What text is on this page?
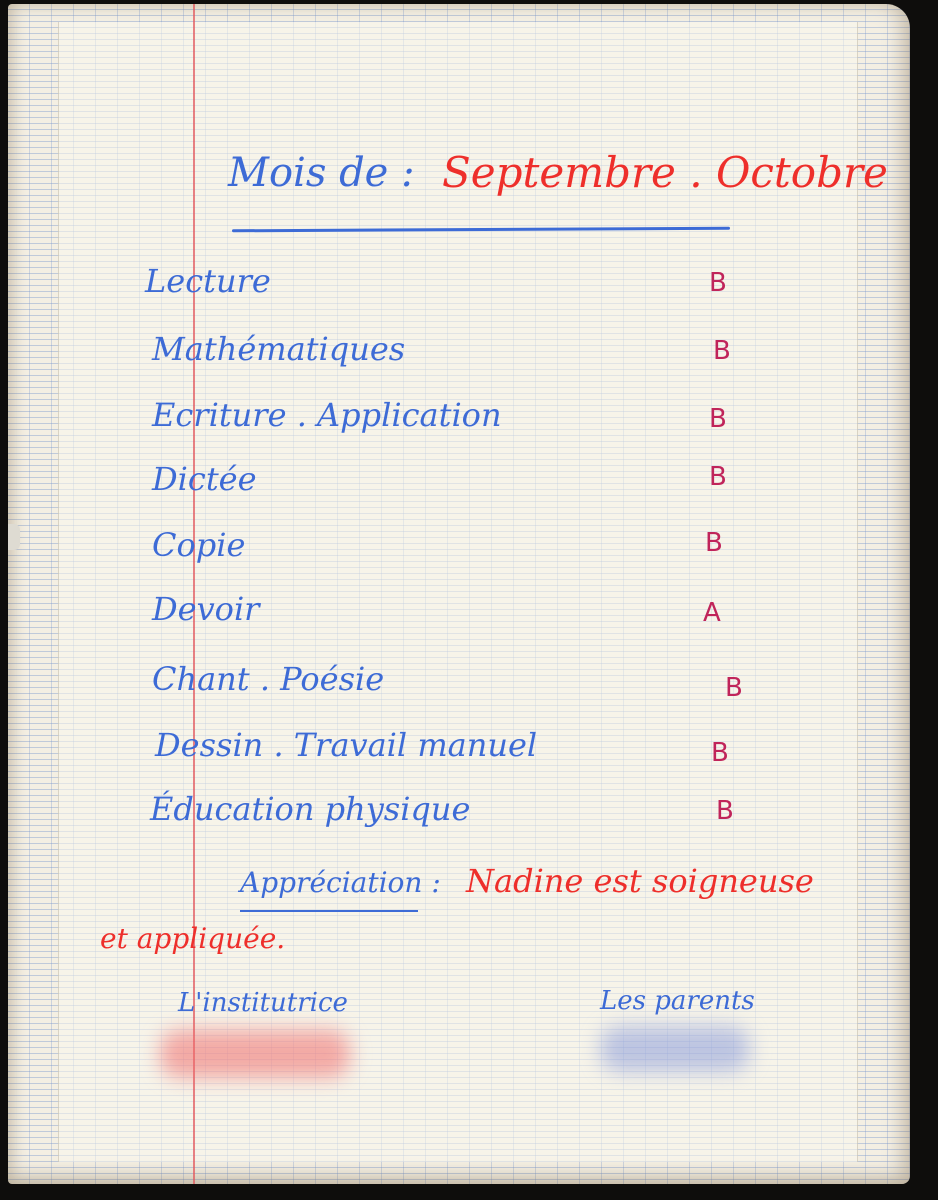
Mois de : Septembre . Octobre
Lecture	B
Mathématiques	B
Ecriture . Application	B
Dictée	B
Copie	B
Devoir	A
Chant . Poésie	B
Dessin . Travail manuel	B
Éducation physique	B
Appréciation : Nadine est soigneuse
et appliquée.
L'institutrice	Les parents
